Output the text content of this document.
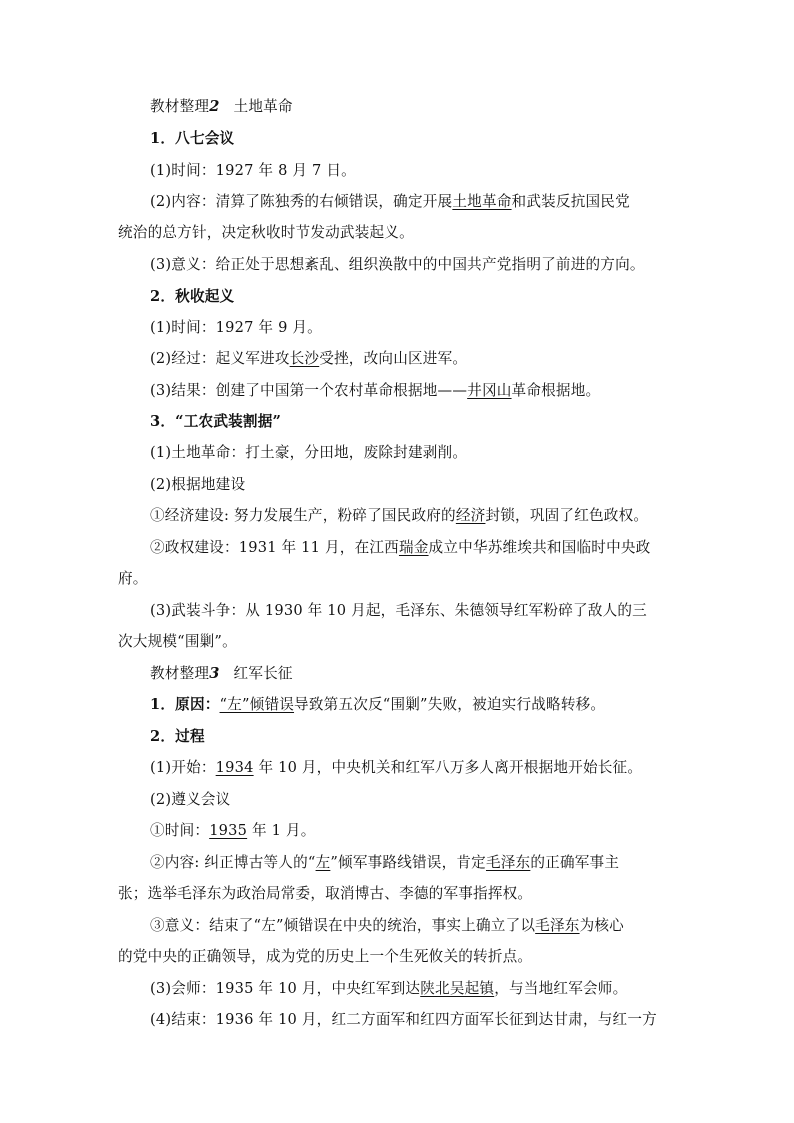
教材整理2 土地革命
1．八七会议
(1)时间：1927 年 8 月 7 日。
(2)内容：清算了陈独秀的右倾错误，确定开展土地革命和武装反抗国民党
统治的总方针，决定秋收时节发动武装起义。
(3)意义：给正处于思想紊乱、组织涣散中的中国共产党指明了前进的方向。
2．秋收起义
(1)时间：1927 年 9 月。
(2)经过：起义军进攻长沙受挫，改向山区进军。
(3)结果：创建了中国第一个农村革命根据地——井冈山革命根据地。
3．“工农武装割据”
(1)土地革命：打土豪，分田地，废除封建剥削。
(2)根据地建设
①经济建设: 努力发展生产，粉碎了国民政府的经济封锁，巩固了红色政权。
②政权建设：1931 年 11 月，在江西瑞金成立中华苏维埃共和国临时中央政
府。
(3)武装斗争：从 1930 年 10 月起，毛泽东、朱德领导红军粉碎了敌人的三
次大规模“围剿”。
教材整理3 红军长征
1．原因：“左”倾错误导致第五次反“围剿”失败，被迫实行战略转移。
2．过程
(1)开始：1934 年 10 月，中央机关和红军八万多人离开根据地开始长征。
(2)遵义会议
①时间：1935 年 1 月。
②内容: 纠正博古等人的“左”倾军事路线错误，肯定毛泽东的正确军事主
张；选举毛泽东为政治局常委，取消博古、李德的军事指挥权。
③意义：结束了“左”倾错误在中央的统治，事实上确立了以毛泽东为核心
的党中央的正确领导，成为党的历史上一个生死攸关的转折点。
(3)会师：1935 年 10 月，中央红军到达陕北吴起镇，与当地红军会师。
(4)结束：1936 年 10 月，红二方面军和红四方面军长征到达甘肃，与红一方
